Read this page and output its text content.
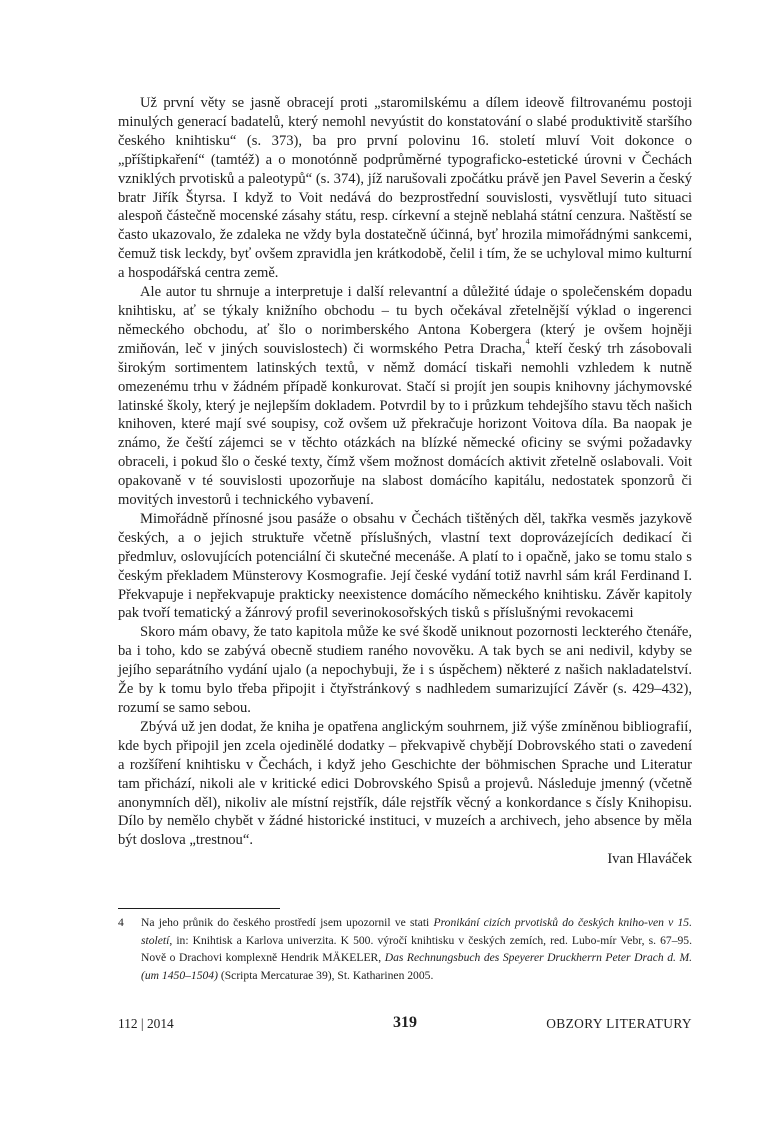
Už první věty se jasně obracejí proti „staromilskému a dílem ideově filtrovanému postoji minulých generací badatelů, který nemohl nevyústit do konstatování o slabé produktivitě staršího českého knihtisku“ (s. 373), ba pro první polovinu 16. století mluví Voit dokonce o „příštipkaření“ (tamtéž) a o monotónně podprůměrné typograficko-estetické úrovni v Čechách vzniklých prvotisků a paleotypů“ (s. 374), jíž narušovali zpočátku právě jen Pavel Severin a český bratr Jiřík Štyrsa. I když to Voit nedává do bezprostřední souvislosti, vysvětlují tuto situaci alespoň částečně mocenské zásahy státu, resp. církevní a stejně neblahá státní cenzura. Naštěstí se často ukazovalo, že zdaleka ne vždy byla dostatečně účinná, byť hrozila mimořádnými sankcemi, čemuž tisk leckdy, byť ovšem zpravidla jen krátkodobě, čelil i tím, že se uchyloval mimo kulturní a hospodářská centra země.

Ale autor tu shrnuje a interpretuje i další relevantní a důležité údaje o společenském dopadu knihtisku, ať se týkaly knižního obchodu – tu bych očekával zřetelnější výklad o ingerenci německého obchodu, ať šlo o norimberského Antona Kobergera (který je ovšem hojněji zmiňován, leč v jiných souvislostech) či wormského Petra Dracha,$^4$ kteří český trh zásobovali širokým sortimentem latinských textů, v němž domácí tiskaři nemohli vzhledem k nutně omezenému trhu v žádném případě konkurovat. Stačí si projít jen soupis knihovny jáchymovské latinské školy, který je nejlepším dokladem. Potvrdil by to i průzkum tehdejšího stavu těch našich knihoven, které mají své soupisy, což ovšem už překračuje horizont Voitova díla. Ba naopak je známo, že čeští zájemci se v těchto otázkách na blízké německé oficiny se svými požadavky obraceli, i pokud šlo o české texty, čímž všem možnost domácích aktivit zřetelně oslabovali. Voit opakovaně v té souvislosti upozorňuje na slabost domácího kapitálu, nedostatek sponzorů či movitých investorů i technického vybavení.

Mimořádně přínosné jsou pasáže o obsahu v Čechách tištěných děl, takřka vesměs jazykově českých, a o jejich struktuře včetně příslušných, vlastní text doprovázejících dedikací či předmluv, oslovujících potenciální či skutečné mecenáše. A platí to i opačně, jako se tomu stalo s českým překladem Münsterovy Kosmografie. Její české vydání totiž navrhl sám král Ferdinand I. Překvapuje i nepřekvapuje prakticky neexistence domácího německého knihtisku. Závěr kapitoly pak tvoří tematický a žánrový profil severinokosořských tisků s příslušnými revokacemi

Skoro mám obavy, že tato kapitola může ke své škodě uniknout pozornosti leckterého čtenáře, ba i toho, kdo se zabývá obecně studiem raného novověku. A tak bych se ani nedivil, kdyby se jejího separátního vydání ujalo (a nepochybuji, že i s úspěchem) některé z našich nakladatelství. Že by k tomu bylo třeba připojit i čtyřstránkový s nadhledem sumarizující Závěr (s. 429–432), rozumí se samo sebou.

Zbývá už jen dodat, že kniha je opatřena anglickým souhrnem, již výše zmíněnou bibliografií, kde bych připojil jen zcela ojedinělé dodatky – překvapivě chybějí Dobrovského stati o zavedení a rozšíření knihtisku v Čechách, i když jeho Geschichte der böhmischen Sprache und Literatur tam přichází, nikoli ale v kritické edici Dobrovského Spisů a projevů. Následuje jmenný (včetně anonymních děl), nikoliv ale místní rejstřík, dále rejstřík věcný a konkordance s čísly Knihopisu. Dílo by nemělo chybět v žádné historické instituci, v muzeích a archivech, jeho absence by měla být doslova „trestnou“.

Ivan Hlaváček

4	Na jeho průnik do českého prostředí jsem upozornil ve stati Pronikání cizích prvotisků do českých kniho-ven v 15. století, in: Knihtisk a Karlova univerzita. K 500. výročí knihtisku v českých zemích, red. Lubo-mír Vebr, s. 67–95. Nově o Drachovi komplexně Hendrik MÄKELER, Das Rechnungsbuch des Speyerer Druckherrn Peter Drach d. M. (um 1450–1504) (Scripta Mercaturae 39), St. Katharinen 2005.
112 | 2014	319	OBZORY LITERATURY
